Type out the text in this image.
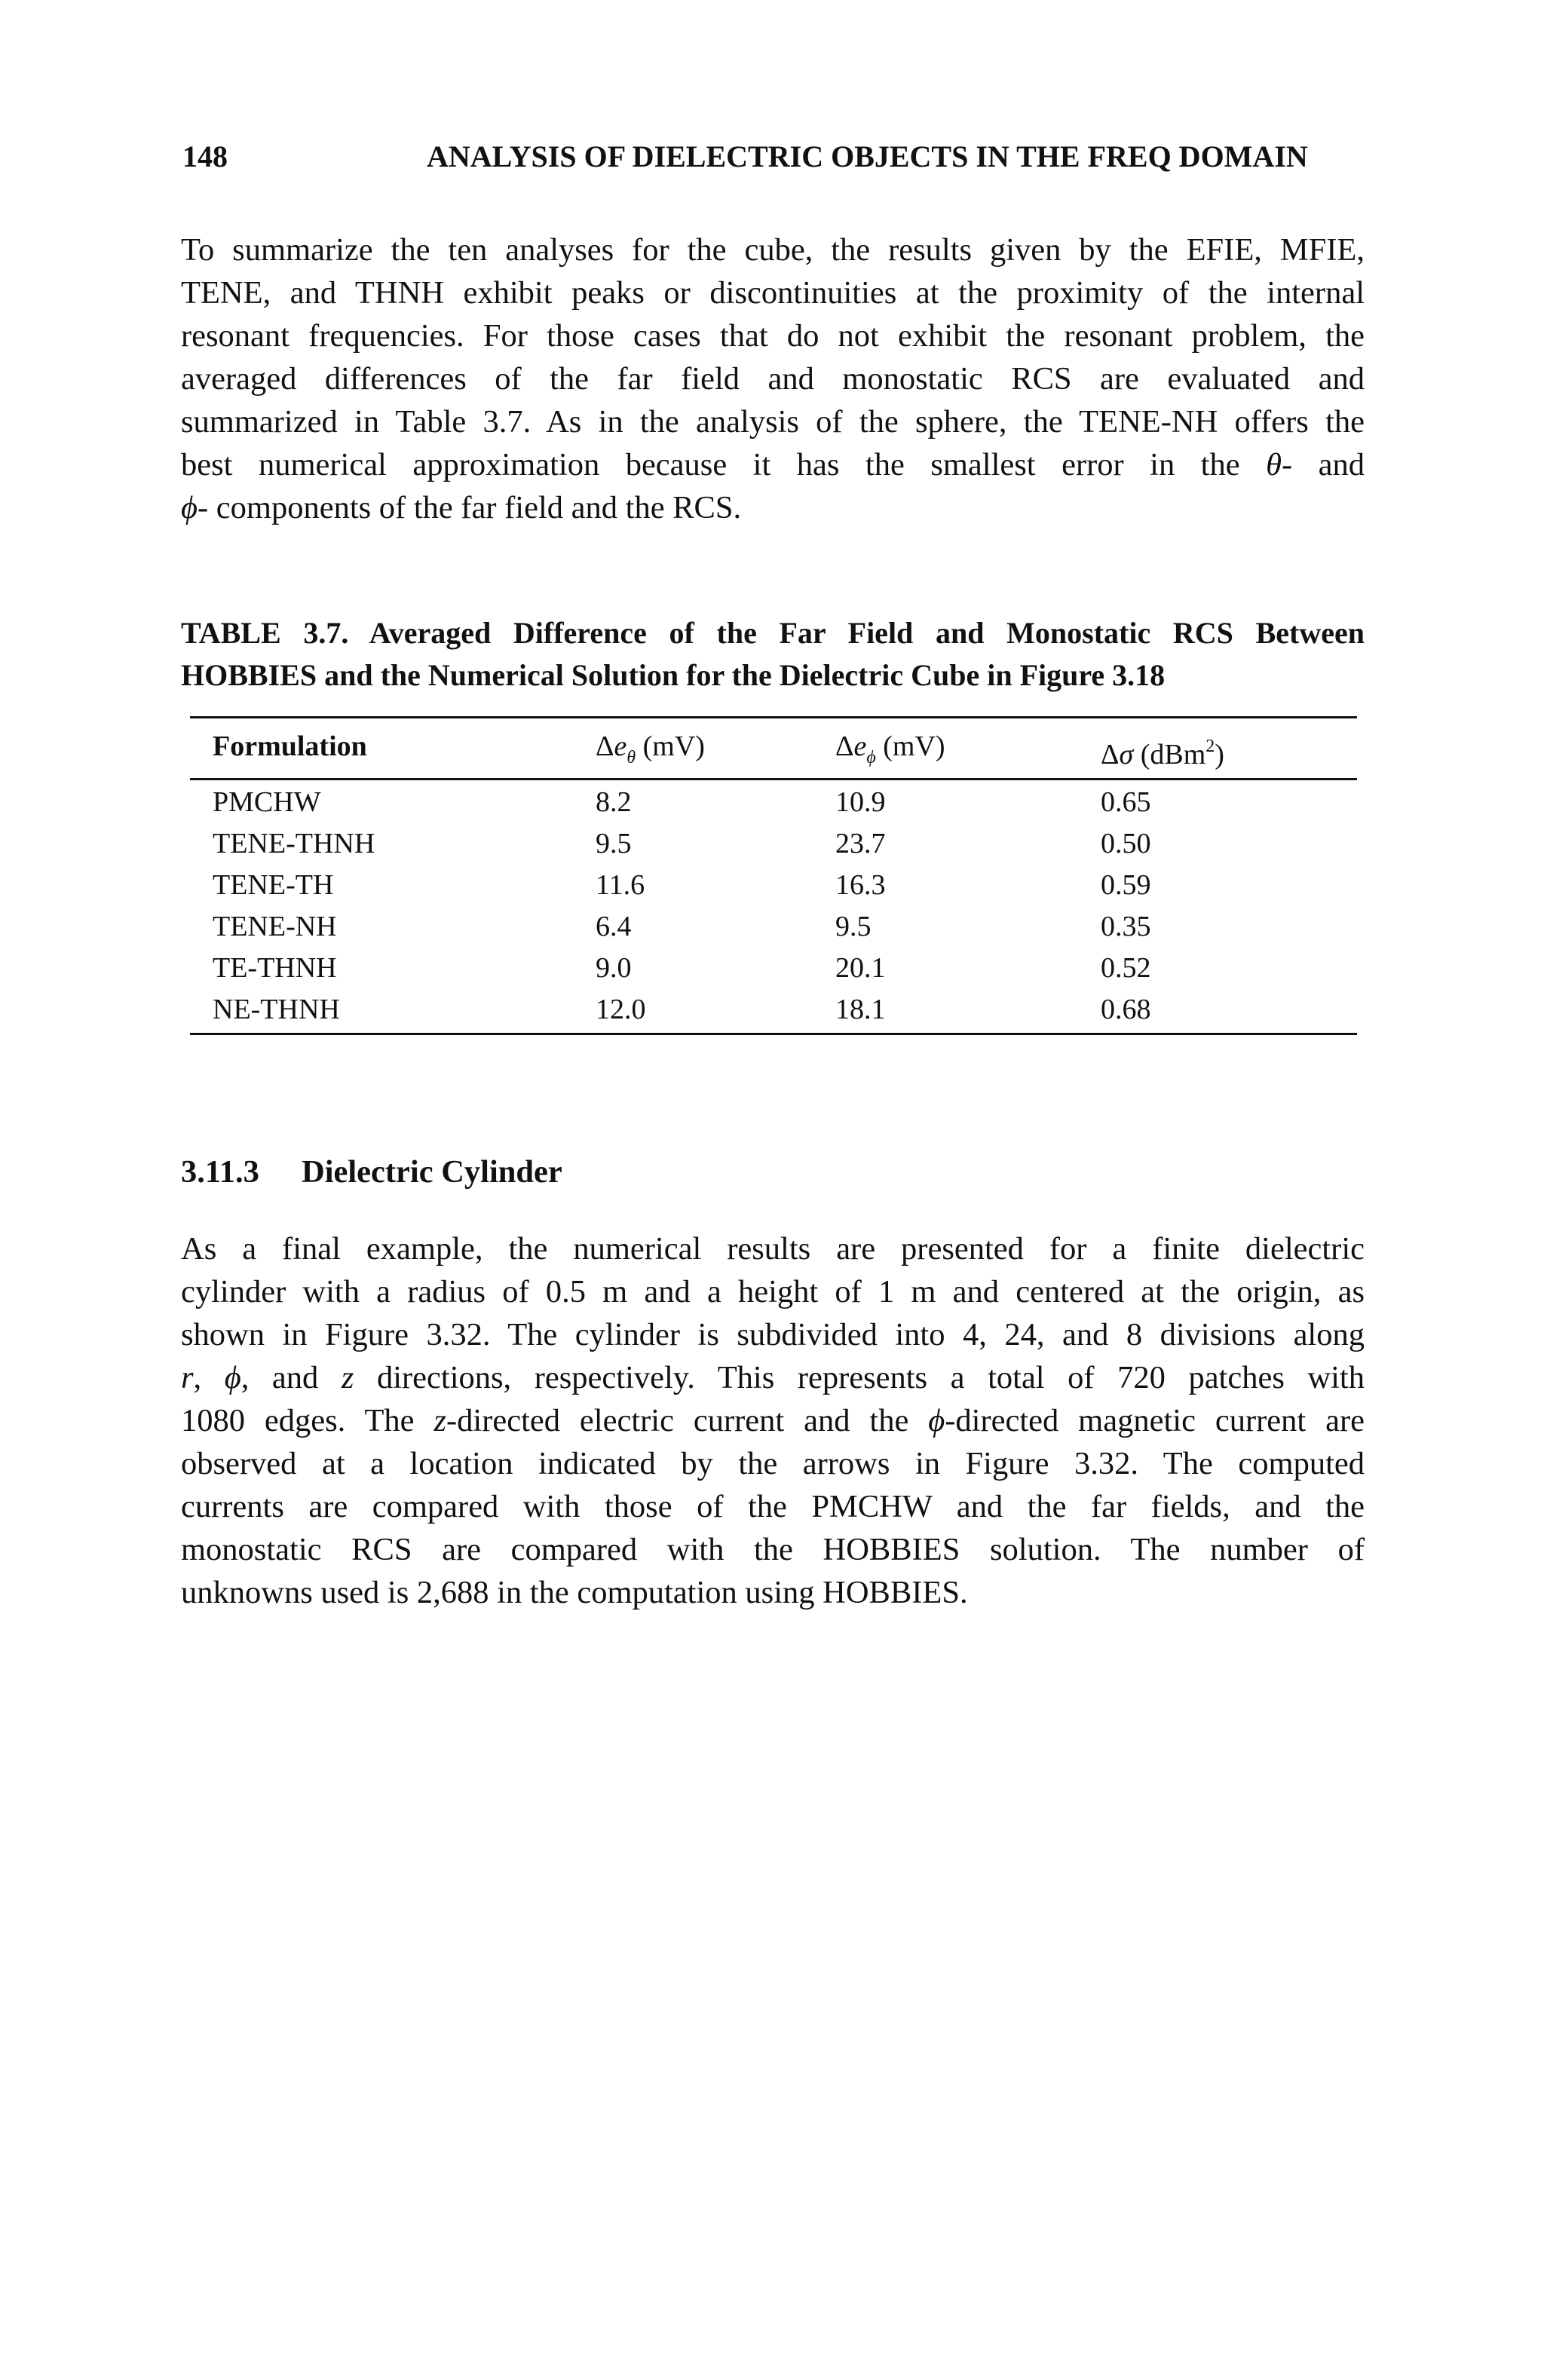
148	ANALYSIS OF DIELECTRIC OBJECTS IN THE FREQ DOMAIN
To summarize the ten analyses for the cube, the results given by the EFIE, MFIE,
TENE, and THNH exhibit peaks or discontinuities at the proximity of the internal
resonant frequencies. For those cases that do not exhibit the resonant problem, the
averaged differences of the far field and monostatic RCS are evaluated and
summarized in Table 3.7. As in the analysis of the sphere, the TENE-NH offers the
best numerical approximation because it has the smallest error in the θ- and
ϕ- components of the far field and the RCS.
TABLE 3.7. Averaged Difference of the Far Field and Monostatic RCS Between
HOBBIES and the Numerical Solution for the Dielectric Cube in Figure 3.18
Formulation	$\Delta e_\theta$ (mV)	$\Delta e_\phi$ (mV)	Δσ (dBm$^2$)
PMCHW	8.2	10.9	0.65
TENE-THNH	9.5	23.7	0.50
TENE-TH	11.6	16.3	0.59
TENE-NH	6.4	9.5	0.35
TE-THNH	9.0	20.1	0.52
NE-THNH	12.0	18.1	0.68
3.11.3 Dielectric Cylinder
As a final example, the numerical results are presented for a finite dielectric
cylinder with a radius of 0.5 m and a height of 1 m and centered at the origin, as
shown in Figure 3.32. The cylinder is subdivided into 4, 24, and 8 divisions along
r, ϕ, and z directions, respectively. This represents a total of 720 patches with
1080 edges. The z-directed electric current and the ϕ-directed magnetic current are
observed at a location indicated by the arrows in Figure 3.32. The computed
currents are compared with those of the PMCHW and the far fields, and the
monostatic RCS are compared with the HOBBIES solution. The number of
unknowns used is 2,688 in the computation using HOBBIES.
